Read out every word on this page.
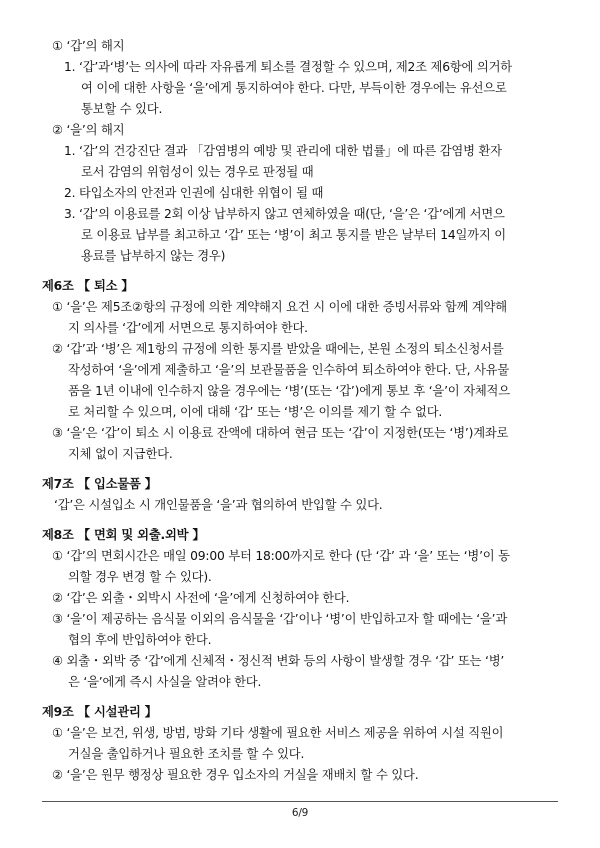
① ‘갑’의 해지
1. ‘갑’과‘병’는 의사에 따라 자유롭게 퇴소를 결정할 수 있으며, 제2조 제6항에 의거하
여 이에 대한 사항을 ‘을’에게 통지하여야 한다. 다만, 부득이한 경우에는 유선으로
통보할 수 있다.
② ‘을’의 해지
1. ‘갑’의 건강진단 결과 「감염병의 예방 및 관리에 대한 법률」에 따른 감염병 환자
로서 감염의 위험성이 있는 경우로 판정될 때
2. 타입소자의 안전과 인권에 심대한 위협이 될 때
3. ‘갑’의 이용료를 2회 이상 납부하지 않고 연체하였을 때(단, ‘을’은 ‘갑’에게 서면으
로 이용료 납부를 최고하고 ‘갑’ 또는 ‘병’이 최고 통지를 받은 날부터 14일까지 이
용료를 납부하지 않는 경우)
제6조 【 퇴소 】
① ‘을’은 제5조②항의 규정에 의한 계약해지 요건 시 이에 대한 증빙서류와 함께 계약해
지 의사를 ‘갑’에게 서면으로 통지하여야 한다.
② ‘갑’과 ‘병’은 제1항의 규정에 의한 통지를 받았을 때에는, 본원 소정의 퇴소신청서를
작성하여 ‘을’에게 제출하고 ‘을’의 보관물품을 인수하여 퇴소하여야 한다. 단, 사유물
품을 1년 이내에 인수하지 않을 경우에는 ‘병’(또는 ‘갑’)에게 통보 후 ‘을’이 자체적으
로 처리할 수 있으며, 이에 대해 ‘갑’ 또는 ‘병’은 이의를 제기 할 수 없다.
③ ‘을’은 ‘갑’이 퇴소 시 이용료 잔액에 대하여 현금 또는 ‘갑’이 지정한(또는 ‘병’)계좌로
지체 없이 지급한다.
제7조 【 입소물품 】
‘갑’은 시설입소 시 개인물품을 ‘을’과 협의하여 반입할 수 있다.
제8조 【 면회 및 외출.외박 】
① ‘갑’의 면회시간은 매일 09:00 부터 18:00까지로 한다 (단 ‘갑’ 과 ‘을’ 또는 ‘병’이 동
의할 경우 변경 할 수 있다).
② ‘갑’은 외출・외박시 사전에 ‘을’에게 신청하여야 한다.
③ ‘을’이 제공하는 음식물 이외의 음식물을 ‘갑’이나 ‘병’이 반입하고자 할 때에는 ‘을’과
협의 후에 반입하여야 한다.
④ 외출・외박 중 ‘갑’에게 신체적・정신적 변화 등의 사항이 발생할 경우 ‘갑’ 또는 ‘병’
은 ‘을’에게 즉시 사실을 알려야 한다.
제9조 【 시설관리 】
6/9
① ‘을’은 보건, 위생, 방범, 방화 기타 생활에 필요한 서비스 제공을 위하여 시설 직원이
거실을 출입하거나 필요한 조치를 할 수 있다.
② ‘을’은 원무 행정상 필요한 경우 입소자의 거실을 재배치 할 수 있다.
